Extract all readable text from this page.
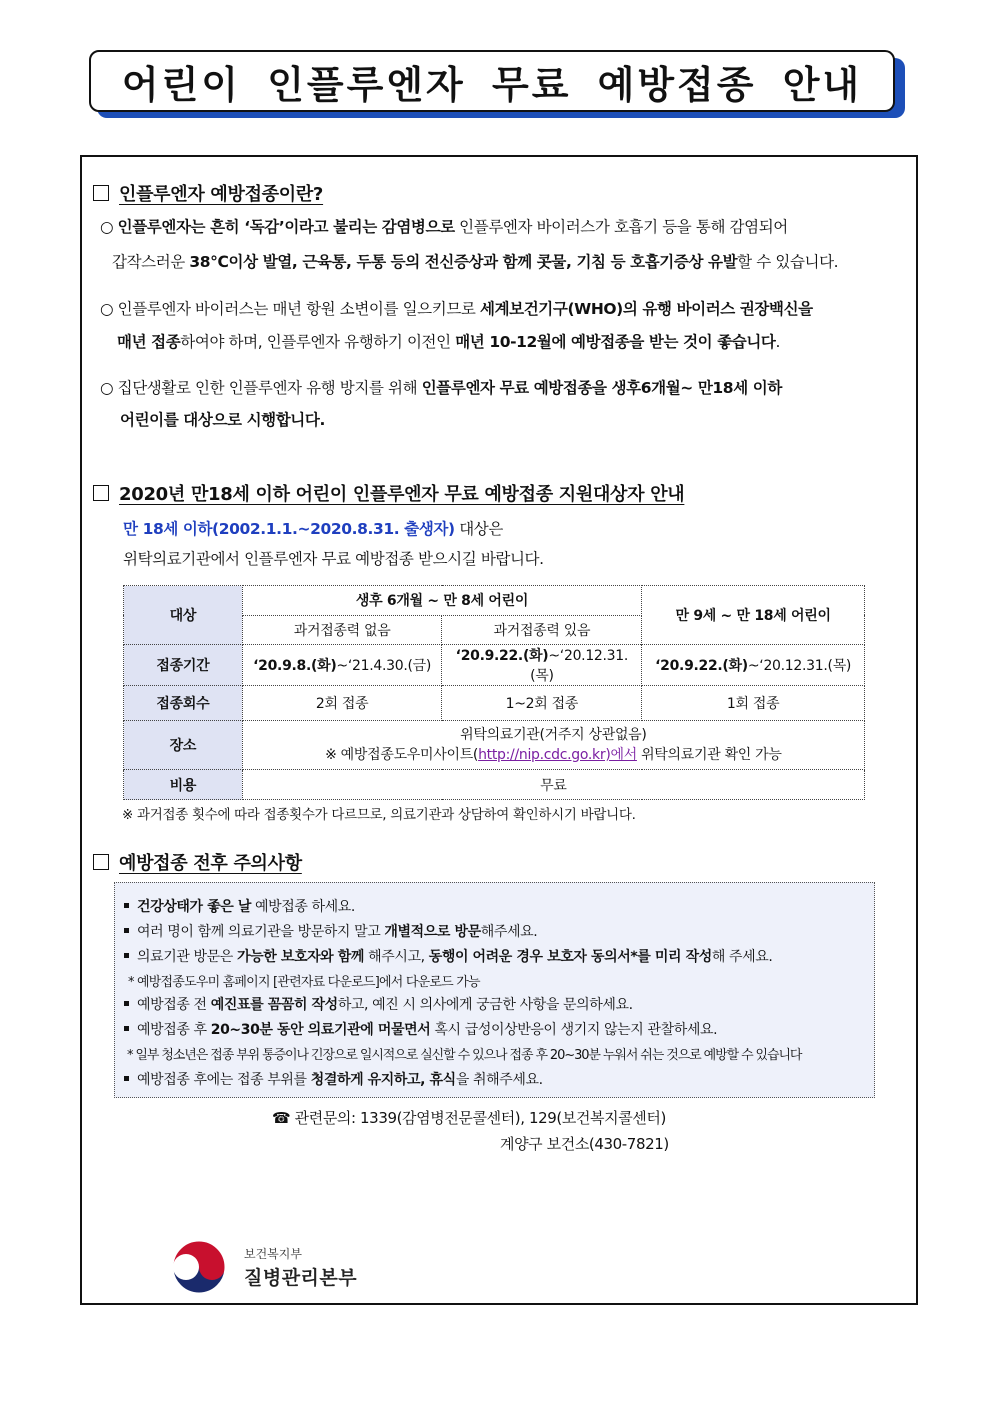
어린이 인플루엔자 무료 예방접종 안내
인플루엔자 예방접종이란?
○ 인플루엔자는 흔히 ‘독감’이라고 불리는 감염병으로 인플루엔자 바이러스가 호흡기 등을 통해 감염되어
갑작스러운 38℃이상 발열, 근육통, 두통 등의 전신증상과 함께 콧물, 기침 등 호흡기증상 유발할 수 있습니다.
○ 인플루엔자 바이러스는 매년 항원 소변이를 일으키므로 세계보건기구(WHO)의 유행 바이러스 권장백신을
매년 접종하여야 하며, 인플루엔자 유행하기 이전인 매년 10-12월에 예방접종을 받는 것이 좋습니다.
○ 집단생활로 인한 인플루엔자 유행 방지를 위해 인플루엔자 무료 예방접종을 생후6개월~ 만18세 이하
어린이를 대상으로 시행합니다.
2020년 만18세 이하 어린이 인플루엔자 무료 예방접종 지원대상자 안내
만 18세 이하(2002.1.1.~2020.8.31. 출생자) 대상은
위탁의료기관에서 인플루엔자 무료 예방접종 받으시길 바랍니다.
대상	생후 6개월 ~ 만 8세 어린이		만 9세 ~ 만 18세 어린이
	과거접종력 없음	과거접종력 있음	
접종기간	‘20.9.8.(화)~‘21.4.30.(금)	‘20.9.22.(화)~‘20.12.31.(목)	‘20.9.22.(화)~‘20.12.31.(목)
접종회수	2회 접종	1~2회 접종	1회 접종
장소	위탁의료기관(거주지 상관없음)
※ 예방접종도우미사이트(http://nip.cdc.go.kr)에서 위탁의료기관 확인 가능		

비용	무료		
※ 과거접종 횟수에 따라 접종횟수가 다르므로, 의료기관과 상담하여 확인하시기 바랍니다.
예방접종 전후 주의사항
건강상태가 좋은 날 예방접종 하세요.
여러 명이 함께 의료기관을 방문하지 말고 개별적으로 방문해주세요.
의료기관 방문은 가능한 보호자와 함께 해주시고, 동행이 어려운 경우 보호자 동의서*를 미리 작성해 주세요.
* 예방접종도우미 홈페이지 [관련자료 다운로드]에서 다운로드 가능
예방접종 전 예진표를 꼼꼼히 작성하고, 예진 시 의사에게 궁금한 사항을 문의하세요.
예방접종 후 20~30분 동안 의료기관에 머물면서 혹시 급성이상반응이 생기지 않는지 관찰하세요.
* 일부 청소년은 접종 부위 통증이나 긴장으로 일시적으로 실신할 수 있으나 접종 후 20~30분 누워서 쉬는 것으로 예방할 수 있습니다
예방접종 후에는 접종 부위를 청결하게 유지하고, 휴식을 취해주세요.
☎ 관련문의: 1339(감염병전문콜센터), 129(보건복지콜센터)
계양구 보건소(430-7821)
보건복지부
질병관리본부
